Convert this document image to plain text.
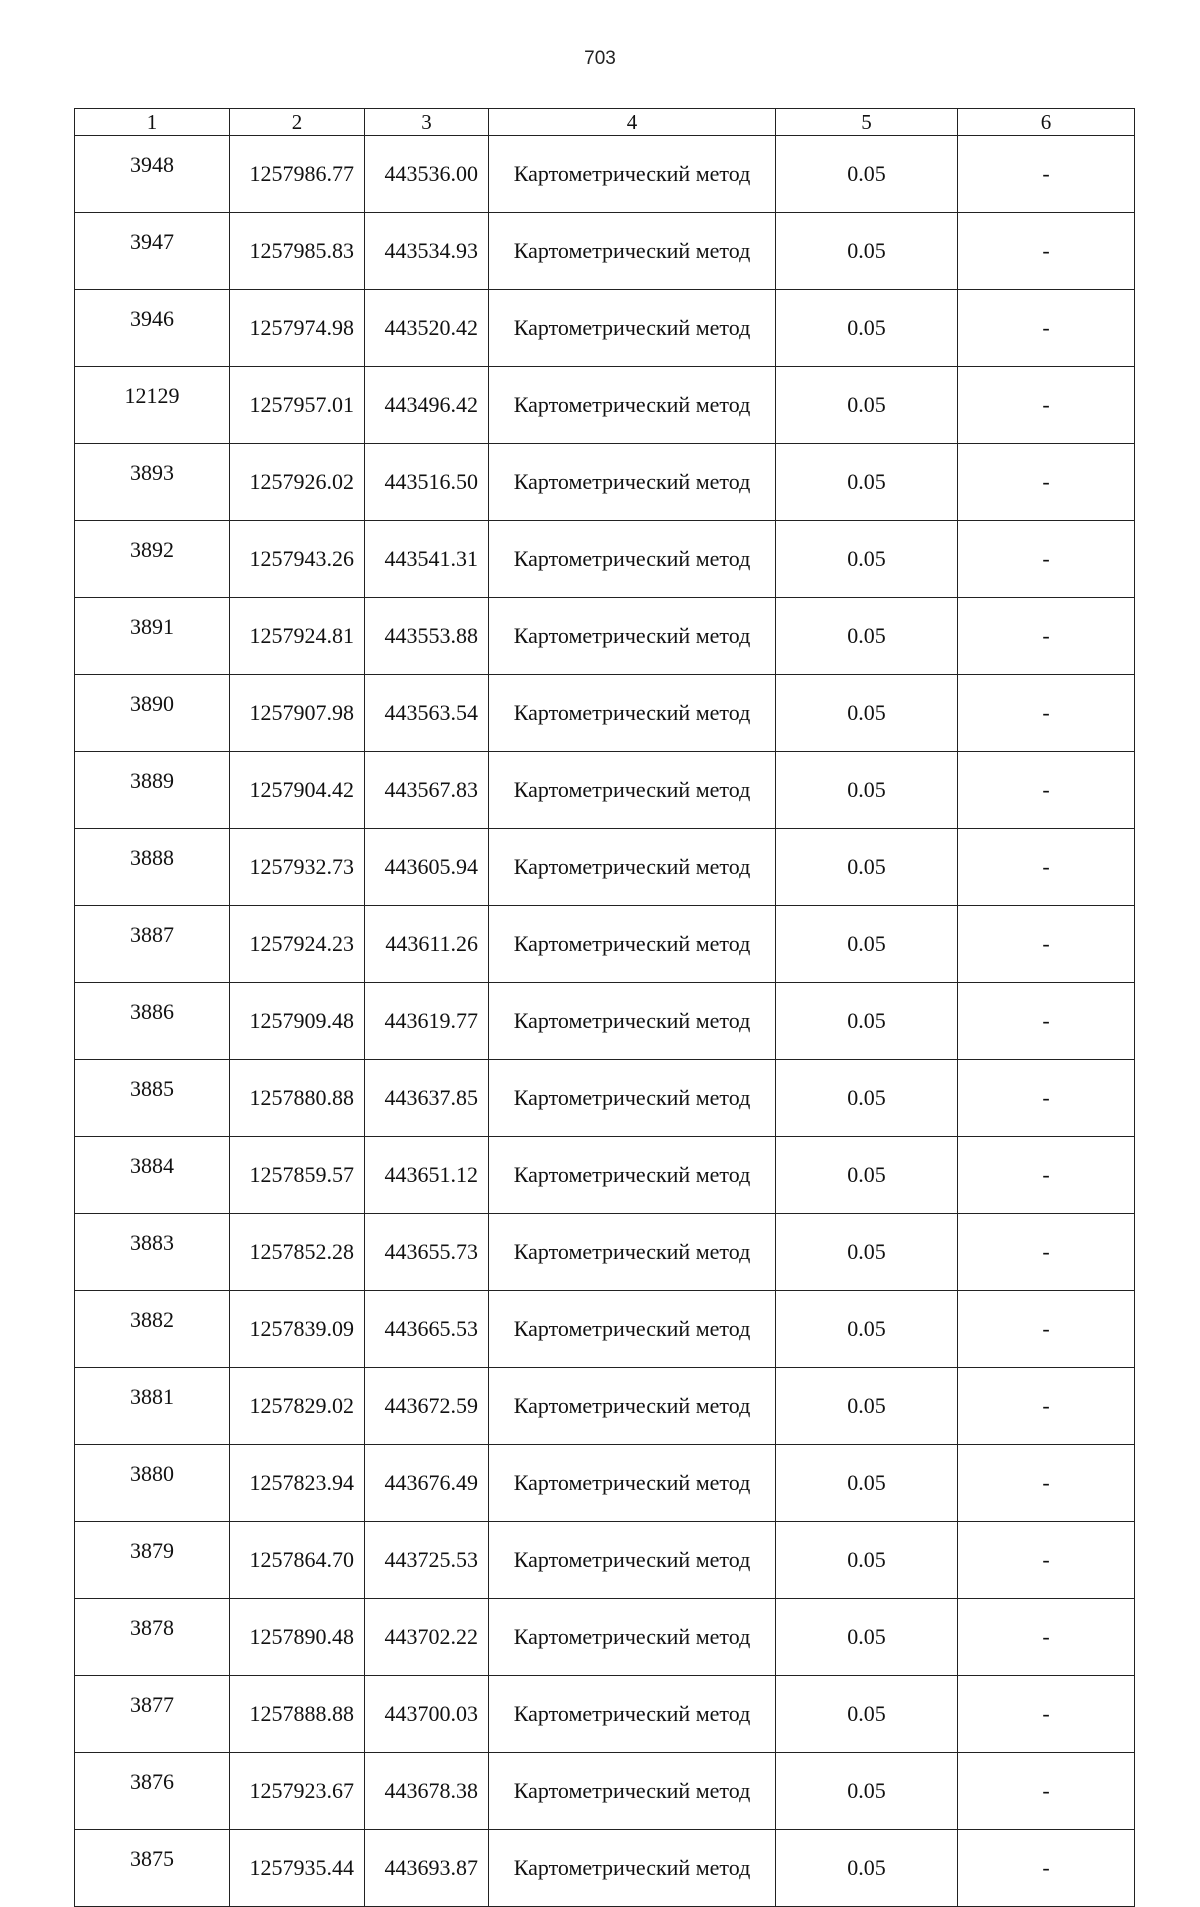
703
1	2	3	4	5	6
3948	1257986.77	443536.00	Картометрический метод	0.05	-
3947	1257985.83	443534.93	Картометрический метод	0.05	-
3946	1257974.98	443520.42	Картометрический метод	0.05	-
12129	1257957.01	443496.42	Картометрический метод	0.05	-
3893	1257926.02	443516.50	Картометрический метод	0.05	-
3892	1257943.26	443541.31	Картометрический метод	0.05	-
3891	1257924.81	443553.88	Картометрический метод	0.05	-
3890	1257907.98	443563.54	Картометрический метод	0.05	-
3889	1257904.42	443567.83	Картометрический метод	0.05	-
3888	1257932.73	443605.94	Картометрический метод	0.05	-
3887	1257924.23	443611.26	Картометрический метод	0.05	-
3886	1257909.48	443619.77	Картометрический метод	0.05	-
3885	1257880.88	443637.85	Картометрический метод	0.05	-
3884	1257859.57	443651.12	Картометрический метод	0.05	-
3883	1257852.28	443655.73	Картометрический метод	0.05	-
3882	1257839.09	443665.53	Картометрический метод	0.05	-
3881	1257829.02	443672.59	Картометрический метод	0.05	-
3880	1257823.94	443676.49	Картометрический метод	0.05	-
3879	1257864.70	443725.53	Картометрический метод	0.05	-
3878	1257890.48	443702.22	Картометрический метод	0.05	-
3877	1257888.88	443700.03	Картометрический метод	0.05	-
3876	1257923.67	443678.38	Картометрический метод	0.05	-
3875	1257935.44	443693.87	Картометрический метод	0.05	-
